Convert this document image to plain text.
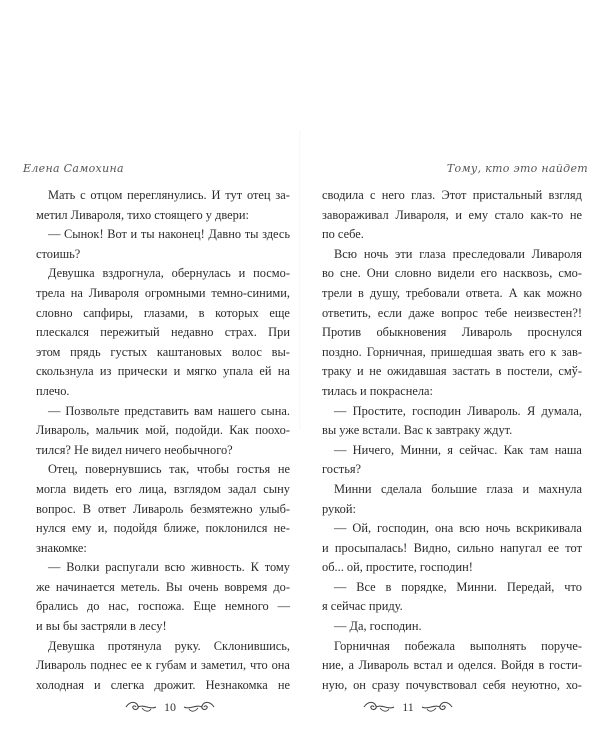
Елена Самохина
Мать с отцом переглянулись. И тут отец за-
метил Ливароля, тихо стоящего у двери:
— Сынок! Вот и ты наконец! Давно ты здесь
стоишь?
Девушка вздрогнула, обернулась и посмо-
трела на Ливароля огромными темно-синими,
словно сапфиры, глазами, в которых еще
плескался пережитый недавно страх. При
этом прядь густых каштановых волос вы-
скользнула из прически и мягко упала ей на
плечо.
— Позвольте представить вам нашего сына.
Ливароль, мальчик мой, подойди. Как поохо-
тился? Не видел ничего необычного?
Отец, повернувшись так, чтобы гостья не
могла видеть его лица, взглядом задал сыну
вопрос. В ответ Ливароль безмятежно улыб-
нулся ему и, подойдя ближе, поклонился не-
знакомке:
— Волки распугали всю живность. К тому
же начинается метель. Вы очень вовремя до-
брались до нас, госпожа. Еще немного —
и вы бы застряли в лесу!
Девушка протянула руку. Склонившись,
Ливароль поднес ее к губам и заметил, что она
холодная и слегка дрожит. Незнакомка не
10
Тому, кто это найдет
сводила с него глаз. Этот пристальный взгляд
завораживал Ливароля, и ему стало как-то не
по себе.
Всю ночь эти глаза преследовали Ливароля
во сне. Они словно видели его насквозь, смо-
трели в душу, требовали ответа. А как можно
ответить, если даже вопрос тебе неизвестен?!
Против обыкновения Ливароль проснулся
поздно. Горничная, пришедшая звать его к зав-
траку и не ожидавшая застать в постели, смў-
тилась и покраснела:
— Простите, господин Ливароль. Я думала,
вы уже встали. Вас к завтраку ждут.
— Ничего, Минни, я сейчас. Как там наша
гостья?
Минни сделала большие глаза и махнула
рукой:
— Ой, господин, она всю ночь вскрикивала
и просыпалась! Видно, сильно напугал ее тот
об... ой, простите, господин!
— Все в порядке, Минни. Передай, что
я сейчас приду.
— Да, господин.
Горничная побежала выполнять поруче-
ние, а Ливароль встал и оделся. Войдя в гости-
ную, он сразу почувствовал себя неуютно, хо-
11
